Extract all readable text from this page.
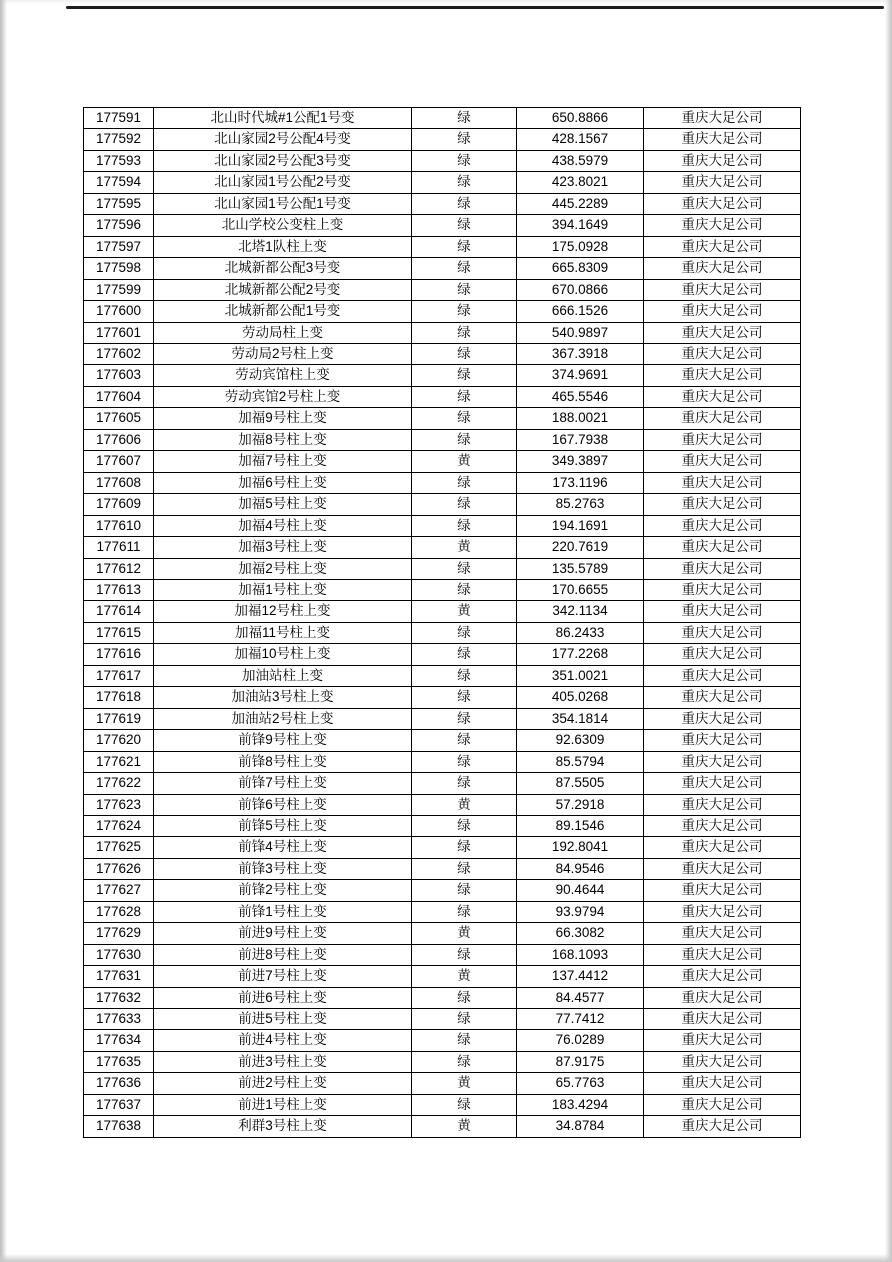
177591	北山时代城#1公配1号变	绿	650.8866	重庆大足公司
177592	北山家园2号公配4号变	绿	428.1567	重庆大足公司
177593	北山家园2号公配3号变	绿	438.5979	重庆大足公司
177594	北山家园1号公配2号变	绿	423.8021	重庆大足公司
177595	北山家园1号公配1号变	绿	445.2289	重庆大足公司
177596	北山学校公变柱上变	绿	394.1649	重庆大足公司
177597	北塔1队柱上变	绿	175.0928	重庆大足公司
177598	北城新都公配3号变	绿	665.8309	重庆大足公司
177599	北城新都公配2号变	绿	670.0866	重庆大足公司
177600	北城新都公配1号变	绿	666.1526	重庆大足公司
177601	劳动局柱上变	绿	540.9897	重庆大足公司
177602	劳动局2号柱上变	绿	367.3918	重庆大足公司
177603	劳动宾馆柱上变	绿	374.9691	重庆大足公司
177604	劳动宾馆2号柱上变	绿	465.5546	重庆大足公司
177605	加福9号柱上变	绿	188.0021	重庆大足公司
177606	加福8号柱上变	绿	167.7938	重庆大足公司
177607	加福7号柱上变	黄	349.3897	重庆大足公司
177608	加福6号柱上变	绿	173.1196	重庆大足公司
177609	加福5号柱上变	绿	85.2763	重庆大足公司
177610	加福4号柱上变	绿	194.1691	重庆大足公司
177611	加福3号柱上变	黄	220.7619	重庆大足公司
177612	加福2号柱上变	绿	135.5789	重庆大足公司
177613	加福1号柱上变	绿	170.6655	重庆大足公司
177614	加福12号柱上变	黄	342.1134	重庆大足公司
177615	加福11号柱上变	绿	86.2433	重庆大足公司
177616	加福10号柱上变	绿	177.2268	重庆大足公司
177617	加油站柱上变	绿	351.0021	重庆大足公司
177618	加油站3号柱上变	绿	405.0268	重庆大足公司
177619	加油站2号柱上变	绿	354.1814	重庆大足公司
177620	前锋9号柱上变	绿	92.6309	重庆大足公司
177621	前锋8号柱上变	绿	85.5794	重庆大足公司
177622	前锋7号柱上变	绿	87.5505	重庆大足公司
177623	前锋6号柱上变	黄	57.2918	重庆大足公司
177624	前锋5号柱上变	绿	89.1546	重庆大足公司
177625	前锋4号柱上变	绿	192.8041	重庆大足公司
177626	前锋3号柱上变	绿	84.9546	重庆大足公司
177627	前锋2号柱上变	绿	90.4644	重庆大足公司
177628	前锋1号柱上变	绿	93.9794	重庆大足公司
177629	前进9号柱上变	黄	66.3082	重庆大足公司
177630	前进8号柱上变	绿	168.1093	重庆大足公司
177631	前进7号柱上变	黄	137.4412	重庆大足公司
177632	前进6号柱上变	绿	84.4577	重庆大足公司
177633	前进5号柱上变	绿	77.7412	重庆大足公司
177634	前进4号柱上变	绿	76.0289	重庆大足公司
177635	前进3号柱上变	绿	87.9175	重庆大足公司
177636	前进2号柱上变	黄	65.7763	重庆大足公司
177637	前进1号柱上变	绿	183.4294	重庆大足公司
177638	利群3号柱上变	黄	34.8784	重庆大足公司
